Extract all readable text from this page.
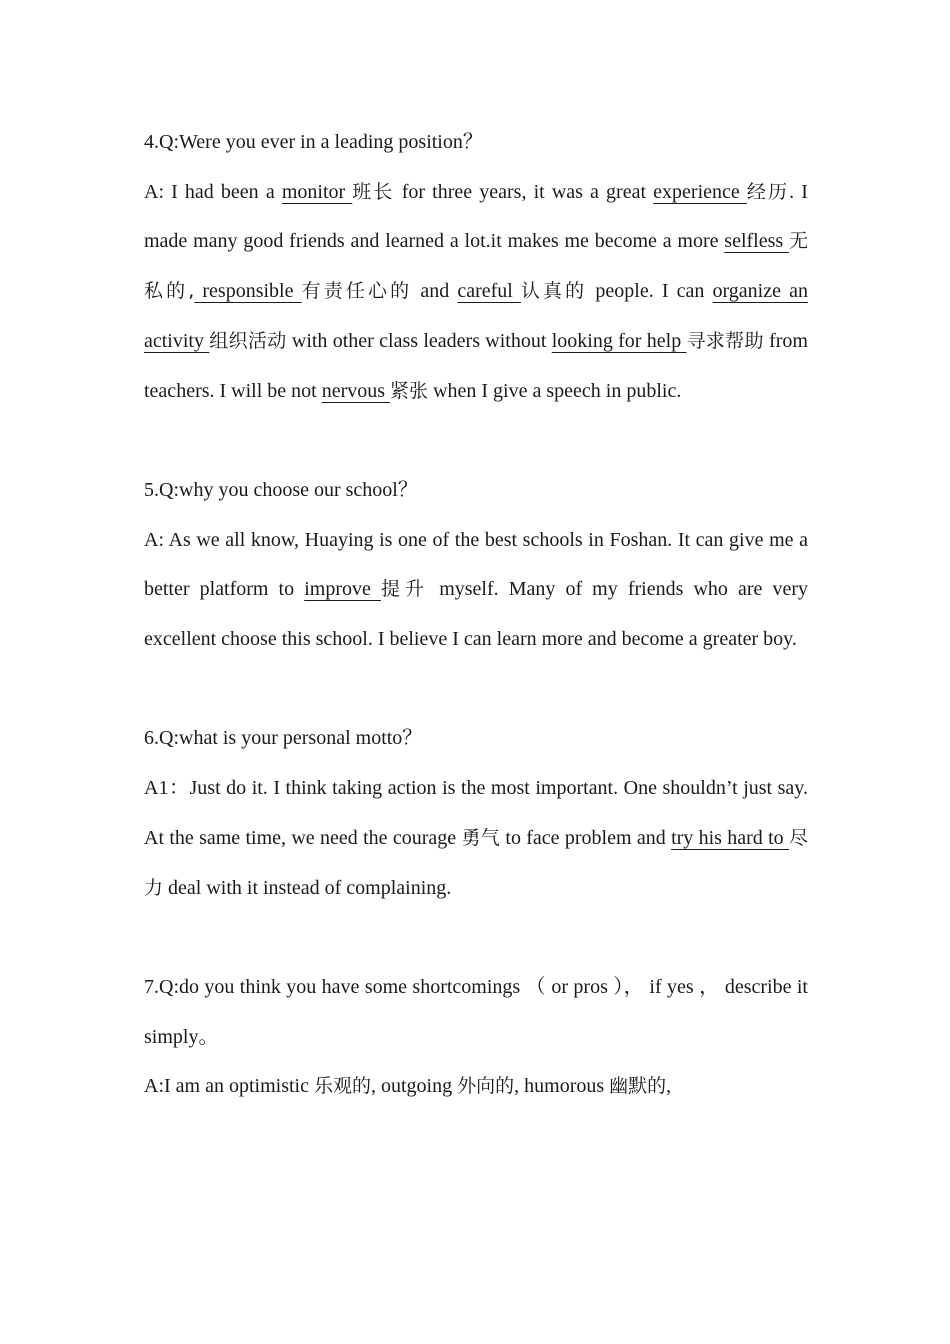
4.Q:Were you ever in a leading position？

A: I had been a monitor 班长 for three years, it was a great experience 经历. I made many good friends and learned a lot.it makes me become a more selfless 无私的, responsible 有责任心的 and careful 认真的 people. I can organize an activity 组织活动 with other class leaders without looking for help 寻求帮助 from teachers. I will be not nervous 紧张 when I give a speech in public.

5.Q:why you choose our school？

A: As we all know, Huaying is one of the best schools in Foshan. It can give me a better platform to improve 提升 myself. Many of my friends who are very excellent choose this school. I believe I can learn more and become a greater boy.

6.Q:what is your personal motto？

A1：Just do it. I think taking action is the most important. One shouldn’t just say. At the same time, we need the courage 勇气 to face problem and try his hard to 尽力 deal with it instead of complaining.

7.Q:do you think you have some shortcomings （ or pros ）， if yes ， describe it simply。

A:I am an optimistic 乐观的, outgoing 外向的, humorous 幽默的,
